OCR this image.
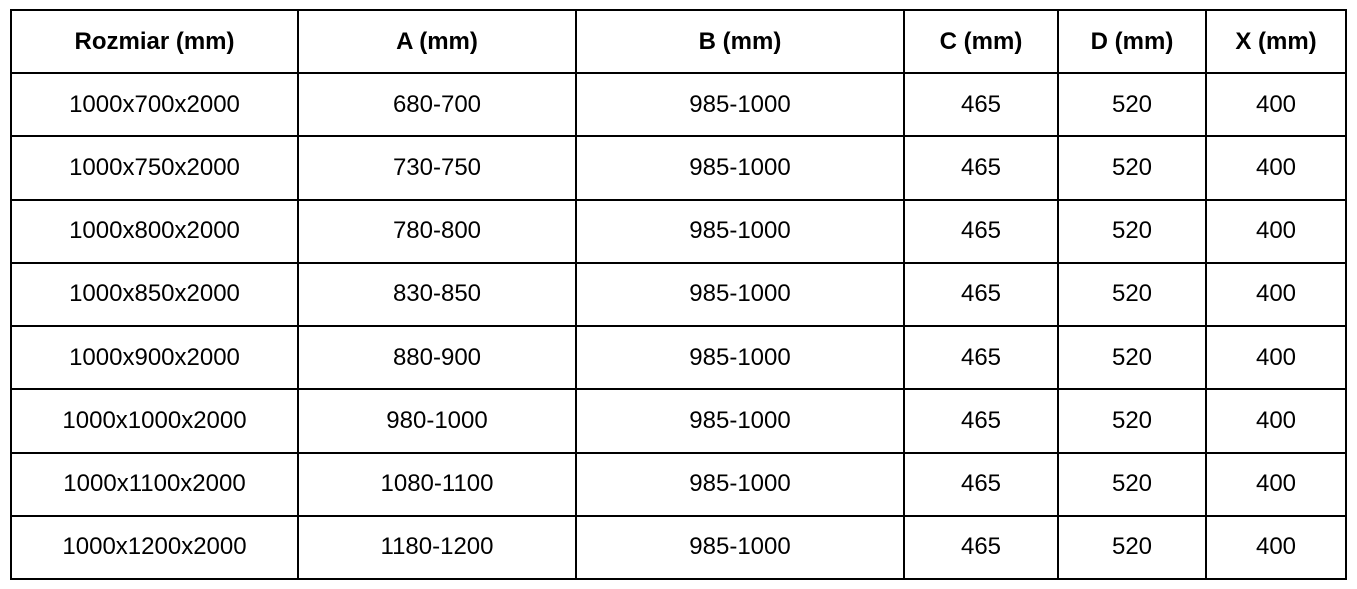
Rozmiar (mm)	A (mm)	B (mm)	C (mm)	D (mm)	X (mm)
1000x700x2000	680-700	985-1000	465	520	400
1000x750x2000	730-750	985-1000	465	520	400
1000x800x2000	780-800	985-1000	465	520	400
1000x850x2000	830-850	985-1000	465	520	400
1000x900x2000	880-900	985-1000	465	520	400
1000x1000x2000	980-1000	985-1000	465	520	400
1000x1100x2000	1080-1100	985-1000	465	520	400
1000x1200x2000	1180-1200	985-1000	465	520	400
